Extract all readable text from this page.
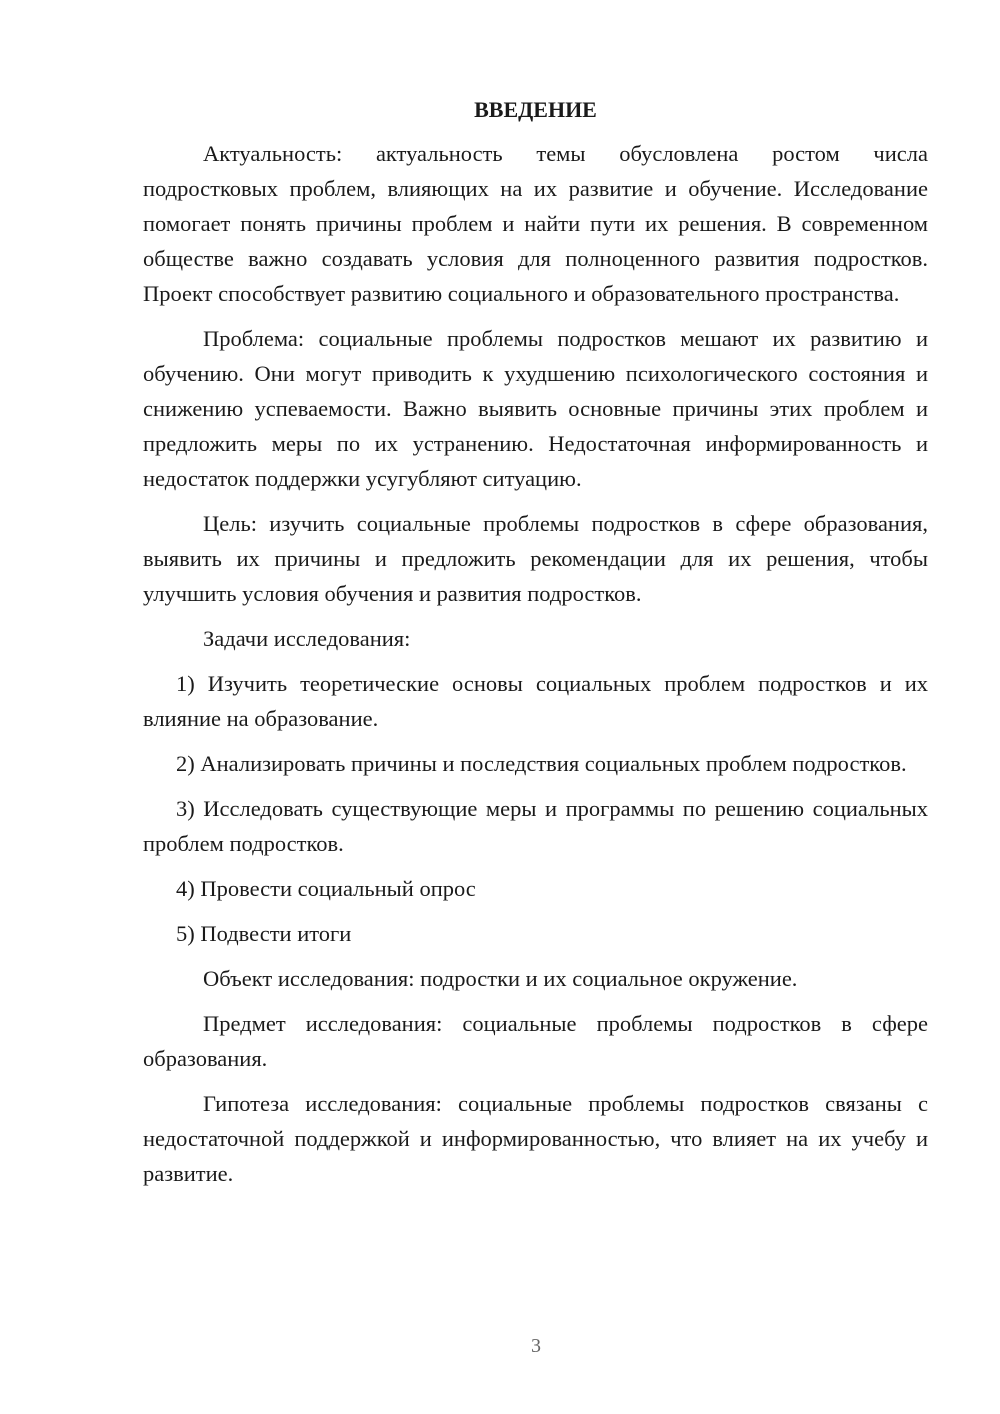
ВВЕДЕНИЕ

Актуальность: актуальность темы обусловлена ростом числа подростковых проблем, влияющих на их развитие и обучение. Исследование помогает понять причины проблем и найти пути их решения. В современном обществе важно создавать условия для полноценного развития подростков. Проект способствует развитию социального и образовательного пространства.

Проблема: социальные проблемы подростков мешают их развитию и обучению. Они могут приводить к ухудшению психологического состояния и снижению успеваемости. Важно выявить основные причины этих проблем и предложить меры по их устранению. Недостаточная информированность и недостаток поддержки усугубляют ситуацию.

Цель: изучить социальные проблемы подростков в сфере образования, выявить их причины и предложить рекомендации для их решения, чтобы улучшить условия обучения и развития подростков.

Задачи исследования:

1) Изучить теоретические основы социальных проблем подростков и их влияние на образование.

2) Анализировать причины и последствия социальных проблем подростков.

3) Исследовать существующие меры и программы по решению социальных проблем подростков.

4) Провести социальный опрос

5) Подвести итоги

Объект исследования: подростки и их социальное окружение.

Предмет исследования: социальные проблемы подростков в сфере образования.

Гипотеза исследования: социальные проблемы подростков связаны с недостаточной поддержкой и информированностью, что влияет на их учебу и развитие.

3
